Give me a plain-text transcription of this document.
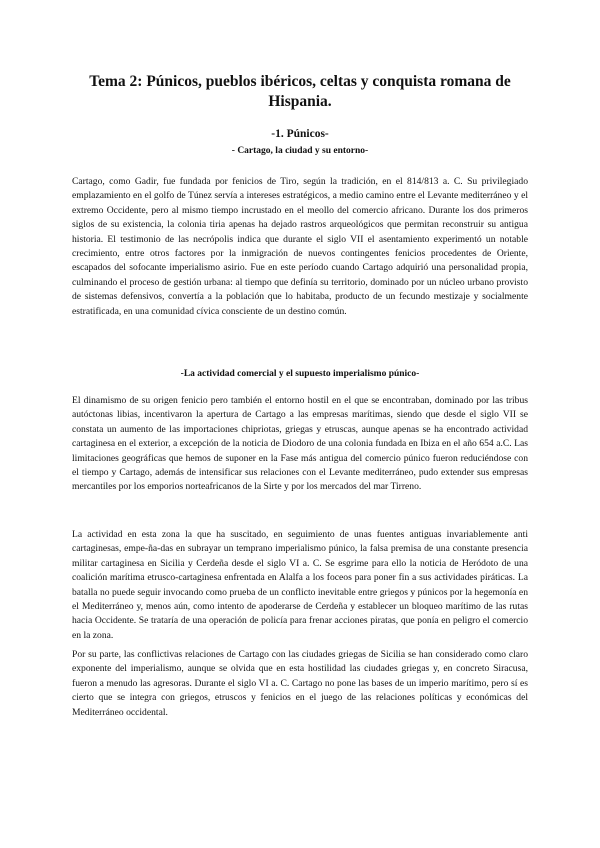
Tema 2: Púnicos, pueblos ibéricos, celtas y conquista romana de Hispania.
-1. Púnicos-
- Cartago, la ciudad y su entorno-

Cartago, como Gadir, fue fundada por fenicios de Tiro, según la tradición, en el 814/813 a. C. Su privilegiado emplazamiento en el golfo de Túnez servía a intereses estratégicos, a medio camino entre el Levante mediterráneo y el extremo Occidente, pero al mismo tiempo incrustado en el meollo del comercio africano. Durante los dos primeros siglos de su existencia, la colonia tiria apenas ha dejado rastros arqueológicos que permitan reconstruir su antigua historia. El testimonio de las necrópolis indica que durante el siglo VII el asentamiento experimentó un notable crecimiento, entre otros factores por la inmigración de nuevos contingentes fenicios procedentes de Oriente, escapados del sofocante imperialismo asirio. Fue en este período cuando Cartago adquirió una personalidad propia, culminando el proceso de gestión urbana: al tiempo que definía su territorio, dominado por un núcleo urbano provisto de sistemas defensivos, convertía a la población que lo habitaba, producto de un fecundo mestizaje y socialmente estratificada, en una comunidad cívica consciente de un destino común.

-La actividad comercial y el supuesto imperialismo púnico-

El dinamismo de su origen fenicio pero también el entorno hostil en el que se encontraban, dominado por las tribus autóctonas libias, incentivaron la apertura de Cartago a las empresas marítimas, siendo que desde el siglo VII se constata un aumento de las importaciones chipriotas, griegas y etruscas, aunque apenas se ha encontrado actividad cartaginesa en el exterior, a excepción de la noticia de Diodoro de una colonia fundada en Ibiza en el año 654 a.C. Las limitaciones geográficas que hemos de suponer en la Fase más antigua del comercio púnico fueron reduciéndose con el tiempo y Cartago, además de intensificar sus relaciones con el Levante mediterráneo, pudo extender sus empresas mercantiles por los emporios norteafricanos de la Sirte y por los mercados del mar Tirreno.

La actividad en esta zona la que ha suscitado, en seguimiento de unas fuentes antiguas invariablemente anti cartaginesas, empe-ña-das en subrayar un temprano imperialismo púnico, la falsa premisa de una constante presencia militar cartaginesa en Sicilia y Cerdeña desde el siglo VI a. C. Se esgrime para ello la noticia de Heródoto de una coalición marítima etrusco-cartaginesa enfrentada en Alalfa a los foceos para poner fin a sus actividades piráticas. La batalla no puede seguir invocando como prueba de un conflicto inevitable entre griegos y púnicos por la hegemonía en el Mediterráneo y, menos aún, como intento de apoderarse de Cerdeña y establecer un bloqueo marítimo de las rutas hacia Occidente. Se trataría de una operación de policía para frenar acciones piratas, que ponía en peligro el comercio en la zona.

Por su parte, las conflictivas relaciones de Cartago con las ciudades griegas de Sicilia se han considerado como claro exponente del imperialismo, aunque se olvida que en esta hostilidad las ciudades griegas y, en concreto Siracusa, fueron a menudo las agresoras. Durante el siglo VI a. C. Cartago no pone las bases de un imperio marítimo, pero sí es cierto que se integra con griegos, etruscos y fenicios en el juego de las relaciones políticas y económicas del Mediterráneo occidental.
